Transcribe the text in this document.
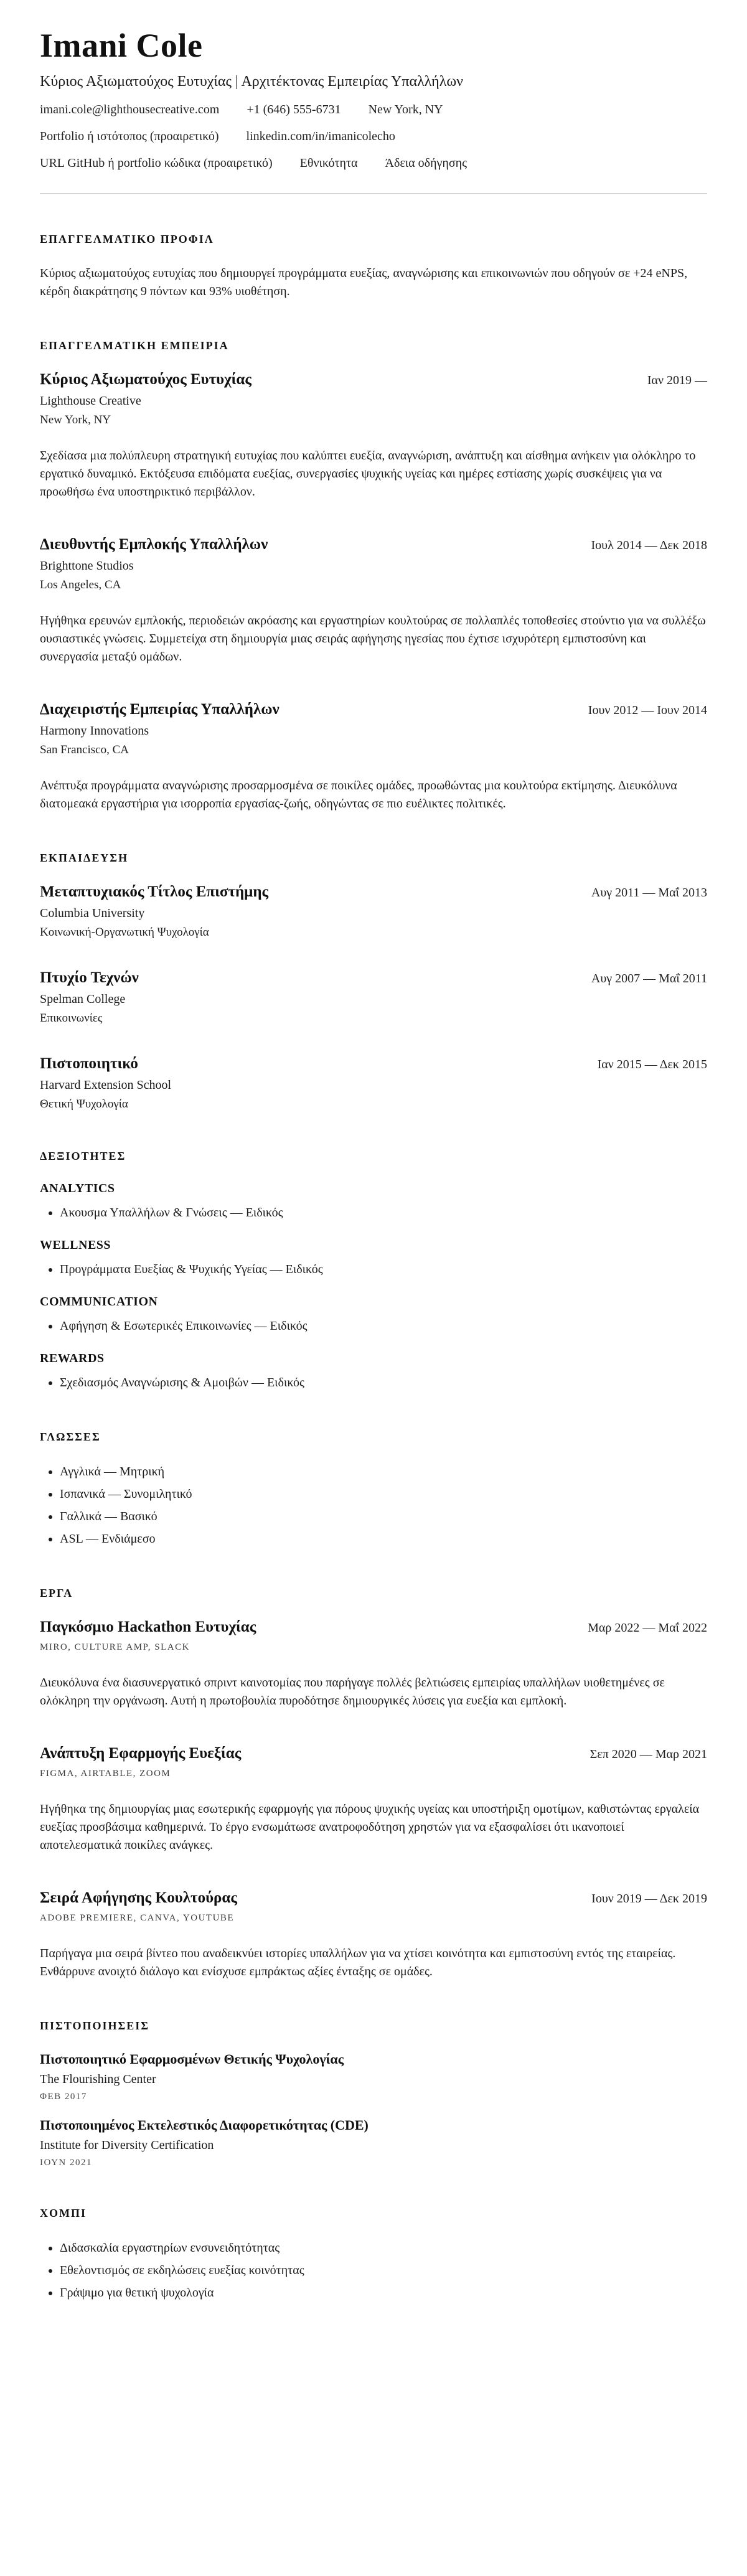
Imani Cole

Κύριος Αξιωματούχος Ευτυχίας | Αρχιτέκτονας Εμπειρίας Υπαλλήλων

imani.cole@lighthousecreative.com +1 (646) 555-6731 New York, NY
Portfolio ή ιστότοπος (προαιρετικό) linkedin.com/in/imanicolecho
URL GitHub ή portfolio κώδικα (προαιρετικό) Εθνικότητα Άδεια οδήγησης
ΕΠΑΓΓΕΛΜΑΤΙΚΟ ΠΡΟΦΙΛ

Κύριος αξιωματούχος ευτυχίας που δημιουργεί προγράμματα ευεξίας, αναγνώρισης και επικοινωνιών που οδηγούν σε +24 eNPS, κέρδη διακράτησης 9 πόντων και 93% υιοθέτηση.

ΕΠΑΓΓΕΛΜΑΤΙΚΗ ΕΜΠΕΙΡΙΑ
Κύριος Αξιωματούχος Ευτυχίας	Ιαν 2019 —

Lighthouse Creative

New York, NY

Σχεδίασα μια πολύπλευρη στρατηγική ευτυχίας που καλύπτει ευεξία, αναγνώριση, ανάπτυξη και αίσθημα ανήκειν για ολόκληρο το εργατικό δυναμικό. Εκτόξευσα επιδόματα ευεξίας, συνεργασίες ψυχικής υγείας και ημέρες εστίασης χωρίς συσκέψεις για να προωθήσω ένα υποστηρικτικό περιβάλλον.

Διευθυντής Εμπλοκής Υπαλλήλων	Ιουλ 2014 — Δεκ 2018

Brighttone Studios

Los Angeles, CA

Ηγήθηκα ερευνών εμπλοκής, περιοδειών ακρόασης και εργαστηρίων κουλτούρας σε πολλαπλές τοποθεσίες στούντιο για να συλλέξω ουσιαστικές γνώσεις. Συμμετείχα στη δημιουργία μιας σειράς αφήγησης ηγεσίας που έχτισε ισχυρότερη εμπιστοσύνη και συνεργασία μεταξύ ομάδων.

Διαχειριστής Εμπειρίας Υπαλλήλων	Ιουν 2012 — Ιουν 2014

Harmony Innovations

San Francisco, CA

Ανέπτυξα προγράμματα αναγνώρισης προσαρμοσμένα σε ποικίλες ομάδες, προωθώντας μια κουλτούρα εκτίμησης. Διευκόλυνα διατομεακά εργαστήρια για ισορροπία εργασίας-ζωής, οδηγώντας σε πιο ευέλικτες πολιτικές.

ΕΚΠΑΙΔΕΥΣΗ
Μεταπτυχιακός Τίτλος Επιστήμης	Αυγ 2011 — Μαΐ 2013

Columbia University

Κοινωνική-Οργανωτική Ψυχολογία

Πτυχίο Τεχνών	Αυγ 2007 — Μαΐ 2011

Spelman College

Επικοινωνίες

Πιστοποιητικό	Ιαν 2015 — Δεκ 2015

Harvard Extension School

Θετική Ψυχολογία

ΔΕΞΙΟΤΗΤΕΣ
ANALYTICS
• Ακουσμα Υπαλλήλων & Γνώσεις — Ειδικός
WELLNESS
• Προγράμματα Ευεξίας & Ψυχικής Υγείας — Ειδικός
COMMUNICATION
• Αφήγηση & Εσωτερικές Επικοινωνίες — Ειδικός
REWARDS
• Σχεδιασμός Αναγνώρισης & Αμοιβών — Ειδικός
ΓΛΩΣΣΕΣ
• Αγγλικά — Μητρική
• Ισπανικά — Συνομιλητικό
• Γαλλικά — Βασικό
• ASL — Ενδιάμεσο
ΕΡΓΑ
Παγκόσμιο Hackathon Ευτυχίας	Μαρ 2022 — Μαΐ 2022

MIRO, CULTURE AMP, SLACK

Διευκόλυνα ένα διασυνεργατικό σπριντ καινοτομίας που παρήγαγε πολλές βελτιώσεις εμπειρίας υπαλλήλων υιοθετημένες σε ολόκληρη την οργάνωση. Αυτή η πρωτοβουλία πυροδότησε δημιουργικές λύσεις για ευεξία και εμπλοκή.

Ανάπτυξη Εφαρμογής Ευεξίας	Σεπ 2020 — Μαρ 2021

FIGMA, AIRTABLE, ZOOM

Ηγήθηκα της δημιουργίας μιας εσωτερικής εφαρμογής για πόρους ψυχικής υγείας και υποστήριξη ομοτίμων, καθιστώντας εργαλεία ευεξίας προσβάσιμα καθημερινά. Το έργο ενσωμάτωσε ανατροφοδότηση χρηστών για να εξασφαλίσει ότι ικανοποιεί αποτελεσματικά ποικίλες ανάγκες.

Σειρά Αφήγησης Κουλτούρας	Ιουν 2019 — Δεκ 2019

ADOBE PREMIERE, CANVA, YOUTUBE

Παρήγαγα μια σειρά βίντεο που αναδεικνύει ιστορίες υπαλλήλων για να χτίσει κοινότητα και εμπιστοσύνη εντός της εταιρείας. Ενθάρρυνε ανοιχτό διάλογο και ενίσχυσε εμπράκτως αξίες ένταξης σε ομάδες.

ΠΙΣΤΟΠΟΙΗΣΕΙΣ
Πιστοποιητικό Εφαρμοσμένων Θετικής Ψυχολογίας

The Flourishing Center

ΦΕΒ 2017

Πιστοποιημένος Εκτελεστικός Διαφορετικότητας (CDE)

Institute for Diversity Certification

ΙΟΥΝ 2021

ΧΟΜΠΙ
• Διδασκαλία εργαστηρίων ενσυνειδητότητας
• Εθελοντισμός σε εκδηλώσεις ευεξίας κοινότητας
• Γράψιμο για θετική ψυχολογία
